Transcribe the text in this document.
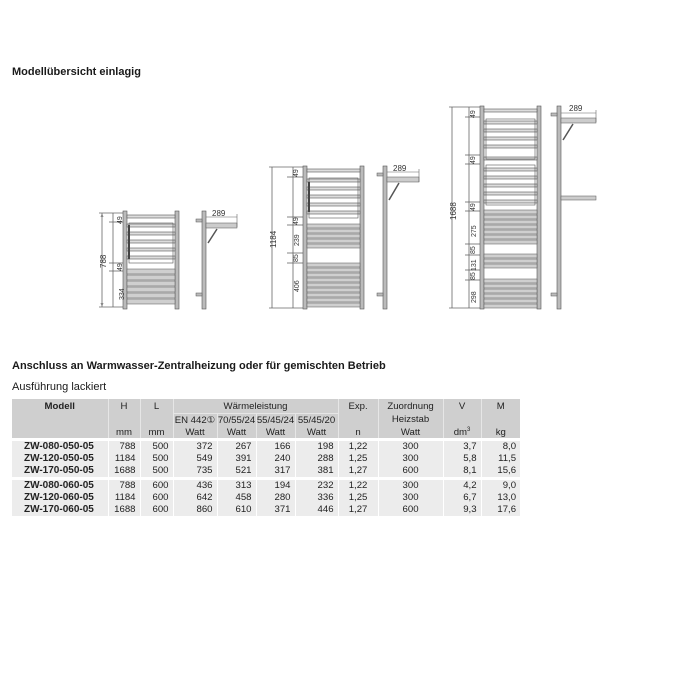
Modellübersicht einlagig
788
49
49
334
289
1184
49
49
239
85
406
289
1688
49
49
49
275
85
131
85
298
289
Anschluss an Warmwasser-Zentralheizung oder für gemischten Betrieb
Ausführung lackiert
Modell	H	L	Wärmeleistung				Exp.	Zuordnung	V	M
			EN 442①	70/55/24	55/45/24	55/45/20		Heizstab		
	mm	mm	Watt	Watt	Watt	Watt	n	Watt	$dm^3$	kg
ZW-080-050-05	788	500	372	267	166	198	1,22	300	3,7	8,0
ZW-120-050-05	1184	500	549	391	240	288	1,25	300	5,8	11,5
ZW-170-050-05	1688	500	735	521	317	381	1,27	600	8,1	15,6
ZW-080-060-05	788	600	436	313	194	232	1,22	300	4,2	9,0
ZW-120-060-05	1184	600	642	458	280	336	1,25	300	6,7	13,0
ZW-170-060-05	1688	600	860	610	371	446	1,27	600	9,3	17,6
